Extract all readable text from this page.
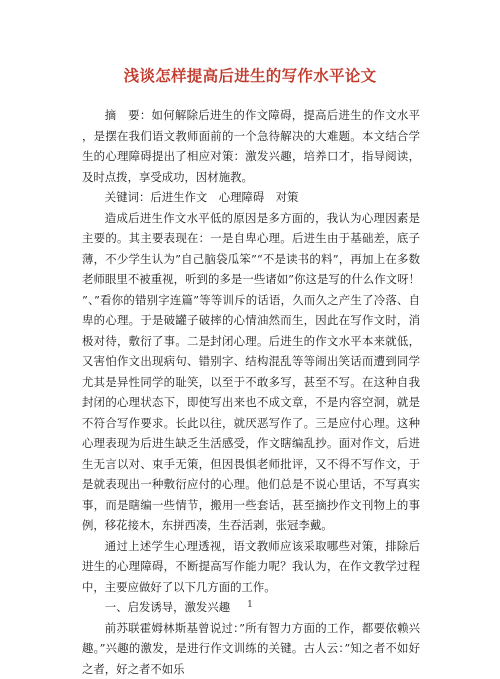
浅谈怎样提高后进生的写作水平论文

摘　要：如何解除后进生的作文障碍，提高后进生的作文水平，是摆在我们语文教师面前的一个急待解决的大难题。本文结合学生的心理障碍提出了相应对策：激发兴趣，培养口才，指导阅读，及时点拨，享受成功，因材施教。

关键词：后进生作文　心理障碍　对策

造成后进生作文水平低的原因是多方面的，我认为心理因素是主要的。其主要表现在：一是自卑心理。后进生由于基础差，底子薄，不少学生认为”自己脑袋瓜笨”“不是读书的料”，再加上在多数老师眼里不被重视，听到的多是一些诸如”你这是写的什么作文呀！”、”看你的错别字连篇”等等训斥的话语，久而久之产生了冷落、自卑的心理。于是破罐子破摔的心情油然而生，因此在写作文时，消极对待，敷衍了事。二是封闭心理。后进生的作文水平本来就低，又害怕作文出现病句、错别字、结构混乱等等闹出笑话而遭到同学尤其是异性同学的耻笑，以至于不敢多写，甚至不写。在这种自我封闭的心理状态下，即使写出来也不成文章，不是内容空洞，就是不符合写作要求。长此以往，就厌恶写作了。三是应付心理。这种心理表现为后进生缺乏生活感受，作文瞎编乱抄。面对作文，后进生无言以对、束手无策，但因畏惧老师批评，又不得不写作文，于是就表现出一种敷衍应付的心理。他们总是不说心里话，不写真实事，而是瞎编一些情节，搬用一些套话，甚至摘抄作文刊物上的事例，移花接木，东拼西凑，生吞活剥，张冠李戴。

通过上述学生心理透视，语文教师应该采取哪些对策，排除后进生的心理障碍，不断提高写作能力呢？我认为，在作文教学过程中，主要应做好了以下几方面的工作。

一、启发诱导，激发兴趣

前苏联霍姆林斯基曾说过：”所有智力方面的工作，都要依赖兴趣。”兴趣的激发，是进行作文训练的关键。古人云：”知之者不如好之者，好之者不如乐

1
